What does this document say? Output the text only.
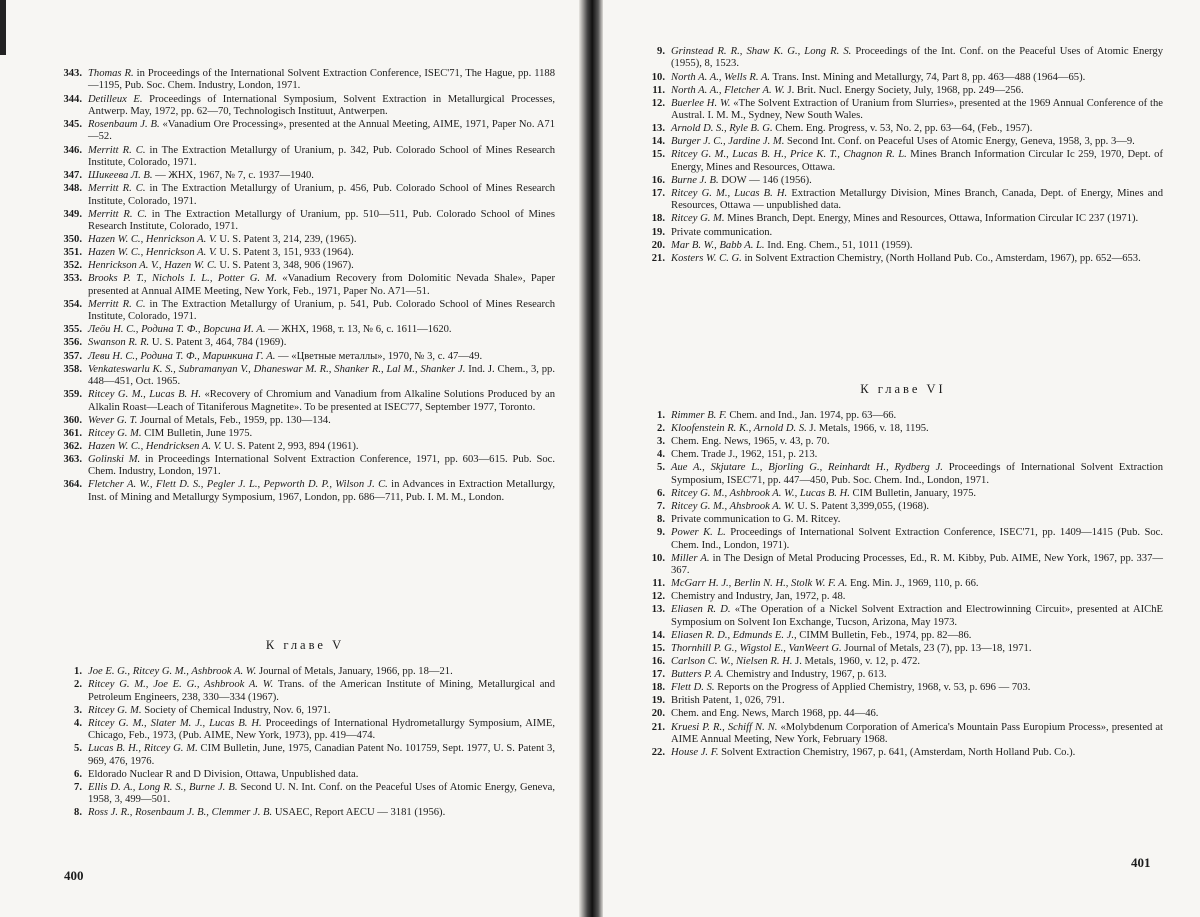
343. Thomas R. in Proceedings of the International Solvent Extraction Conference, ISEC'71, The Hague, pp. 1188—1195, Pub. Soc. Chem. Industry, London, 1971.
344. Detilleux E. Proceedings of International Symposium, Solvent Extraction in Metallurgical Processes, Antwerp. May, 1972, pp. 62—70, Technologisch Instituut, Antwerpen.
345. Rosenbaum J. B. «Vanadium Ore Processing», presented at the Annual Meeting, AIME, 1971, Paper No. A71—52.
346. Merritt R. C. in The Extraction Metallurgy of Uranium, p. 342, Pub. Colorado School of Mines Research Institute, Colorado, 1971.
347. Шикеева Л. В. — ЖНХ, 1967, № 7, с. 1937—1940.
348. Merritt R. C. in The Extraction Metallurgy of Uranium, p. 456, Pub. Colorado School of Mines Research Institute, Colorado, 1971.
349. Merritt R. C. in The Extraction Metallurgy of Uranium, pp. 510—511, Pub. Colorado School of Mines Research Institute, Colorado, 1971.
350. Hazen W. C., Henrickson A. V. U. S. Patent 3, 214, 239, (1965).
351. Hazen W. C., Henrickson A. V. U. S. Patent 3, 151, 933 (1964).
352. Henrickson A. V., Hazen W. C. U. S. Patent 3, 348, 906 (1967).
353. Brooks P. T., Nichols I. L., Potter G. M. «Vanadium Recovery from Dolomitic Nevada Shale», Paper presented at Annual AIME Meeting, New York, Feb., 1971, Paper No. A71—51.
354. Merritt R. C. in The Extraction Metallurgy of Uranium, p. 541, Pub. Colorado School of Mines Research Institute, Colorado, 1971.
355. Леöи Н. С., Родина Т. Ф., Ворсина И. А. — ЖНХ, 1968, т. 13, № 6, с. 1611—1620.
356. Swanson R. R. U. S. Patent 3, 464, 784 (1969).
357. Леви Н. С., Родина Т. Ф., Маринкина Г. А. — «Цветные металлы», 1970, № 3, с. 47—49.
358. Venkateswarlu K. S., Subramanyan V., Dhaneswar M. R., Shanker R., Lal M., Shanker J. Ind. J. Chem., 3, pp. 448—451, Oct. 1965.
359. Ritcey G. M., Lucas B. H. «Recovery of Chromium and Vanadium from Alkaline Solutions Produced by an Alkalin Roast—Leach of Titaniferous Magnetite». To be presented at ISEC'77, September 1977, Toronto.
360. Wever G. T. Journal of Metals, Feb., 1959, pp. 130—134.
361. Ritcey G. M. CIM Bulletin, June 1975.
362. Hazen W. C., Hendricksen A. V. U. S. Patent 2, 993, 894 (1961).
363. Golinski M. in Proceedings International Solvent Extraction Conference, 1971, pp. 603—615. Pub. Soc. Chem. Industry, London, 1971.
364. Fletcher A. W., Flett D. S., Pegler J. L., Pepworth D. P., Wilson J. C. in Advances in Extraction Metallurgy, Inst. of Mining and Metallurgy Symposium, 1967, London, pp. 686—711, Pub. I. M. M., London.
К главе V
1. Joe E. G., Ritcey G. M., Ashbrook A. W. Journal of Metals, January, 1966, pp. 18—21.
2. Ritcey G. M., Joe E. G., Ashbrook A. W. Trans. of the American Institute of Mining, Metallurgical and Petroleum Engineers, 238, 330—334 (1967).
3. Ritcey G. M. Society of Chemical Industry, Nov. 6, 1971.
4. Ritcey G. M., Slater M. J., Lucas B. H. Proceedings of International Hydrometallurgy Symposium, AIME, Chicago, Feb., 1973, (Pub. AIME, New York, 1973), pp. 419—474.
5. Lucas B. H., Ritcey G. M. CIM Bulletin, June, 1975, Canadian Patent No. 101759, Sept. 1977, U. S. Patent 3, 969, 476, 1976.
6. Eldorado Nuclear R and D Division, Ottawa, Unpublished data.
7. Ellis D. A., Long R. S., Burne J. B. Second U. N. Int. Conf. on the Peaceful Uses of Atomic Energy, Geneva, 1958, 3, 499—501.
8. Ross J. R., Rosenbaum J. B., Clemmer J. B. USAEC, Report AECU — 3181 (1956).
400
9. Grinstead R. R., Shaw K. G., Long R. S. Proceedings of the Int. Conf. on the Peaceful Uses of Atomic Energy (1955), 8, 1523.
10. North A. A., Wells R. A. Trans. Inst. Mining and Metallurgy, 74, Part 8, pp. 463—488 (1964—65).
11. North A. A., Fletcher A. W. J. Brit. Nucl. Energy Society, July, 1968, pp. 249—256.
12. Buerlee H. W. «The Solvent Extraction of Uranium from Slurries», presented at the 1969 Annual Conference of the Austral. I. M. M., Sydney, New South Wales.
13. Arnold D. S., Ryle B. G. Chem. Eng. Progress, v. 53, No. 2, pp. 63—64, (Feb., 1957).
14. Burger J. C., Jardine J. M. Second Int. Conf. on Peaceful Uses of Atomic Energy, Geneva, 1958, 3, pp. 3—9.
15. Ritcey G. M., Lucas B. H., Price K. T., Chagnon R. L. Mines Branch Information Circular Ic 259, 1970, Dept. of Energy, Mines and Resources, Ottawa.
16. Burne J. B. DOW — 146 (1956).
17. Ritcey G. M., Lucas B. H. Extraction Metallurgy Division, Mines Branch, Canada, Dept. of Energy, Mines and Resources, Ottawa — unpublished data.
18. Ritcey G. M. Mines Branch, Dept. Energy, Mines and Resources, Ottawa, Information Circular IC 237 (1971).
19. Private communication.
20. Mar B. W., Babb A. L. Ind. Eng. Chem., 51, 1011 (1959).
21. Kosters W. C. G. in Solvent Extraction Chemistry, (North Holland Pub. Co., Amsterdam, 1967), pp. 652—653.
К главе VI
1. Rimmer B. F. Chem. and Ind., Jan. 1974, pp. 63—66.
2. Kloofenstein R. K., Arnold D. S. J. Metals, 1966, v. 18, 1195.
3. Chem. Eng. News, 1965, v. 43, p. 70.
4. Chem. Trade J., 1962, 151, p. 213.
5. Aue A., Skjutare L., Bjorling G., Reinhardt H., Rydberg J. Proceedings of International Solvent Extraction Symposium, ISEC'71, pp. 447—450, Pub. Soc. Chem. Ind., London, 1971.
6. Ritcey G. M., Ashbrook A. W., Lucas B. H. CIM Bulletin, January, 1975.
7. Ritcey G. M., Ahsbrook A. W. U. S. Patent 3,399,055, (1968).
8. Private communication to G. M. Ritcey.
9. Power K. L. Proceedings of International Solvent Extraction Conference, ISEC'71, pp. 1409—1415 (Pub. Soc. Chem. Ind., London, 1971).
10. Miller A. in The Design of Metal Producing Processes, Ed., R. M. Kibby, Pub. AIME, New York, 1967, pp. 337—367.
11. McGarr H. J., Berlin N. H., Stolk W. F. A. Eng. Min. J., 1969, 110, p. 66.
12. Chemistry and Industry, Jan, 1972, p. 48.
13. Eliasen R. D. «The Operation of a Nickel Solvent Extraction and Electrowinning Circuit», presented at AIChE Symposium on Solvent Ion Exchange, Tucson, Arizona, May 1973.
14. Eliasen R. D., Edmunds E. J., CIMM Bulletin, Feb., 1974, pp. 82—86.
15. Thornhill P. G., Wigstol E., VanWeert G. Journal of Metals, 23 (7), pp. 13—18, 1971.
16. Carlson C. W., Nielsen R. H. J. Metals, 1960, v. 12, p. 472.
17. Butters P. A. Chemistry and Industry, 1967, p. 613.
18. Flett D. S. Reports on the Progress of Applied Chemistry, 1968, v. 53, p. 696 — 703.
19. British Patent, 1, 026, 791.
20. Chem. and Eng. News, March 1968, pp. 44—46.
21. Kruesi P. R., Schiff N. N. «Molybdenum Corporation of America's Mountain Pass Europium Process», presented at AIME Annual Meeting, New York, February 1968.
22. House J. F. Solvent Extraction Chemistry, 1967, p. 641, (Amsterdam, North Holland Pub. Co.).
401
